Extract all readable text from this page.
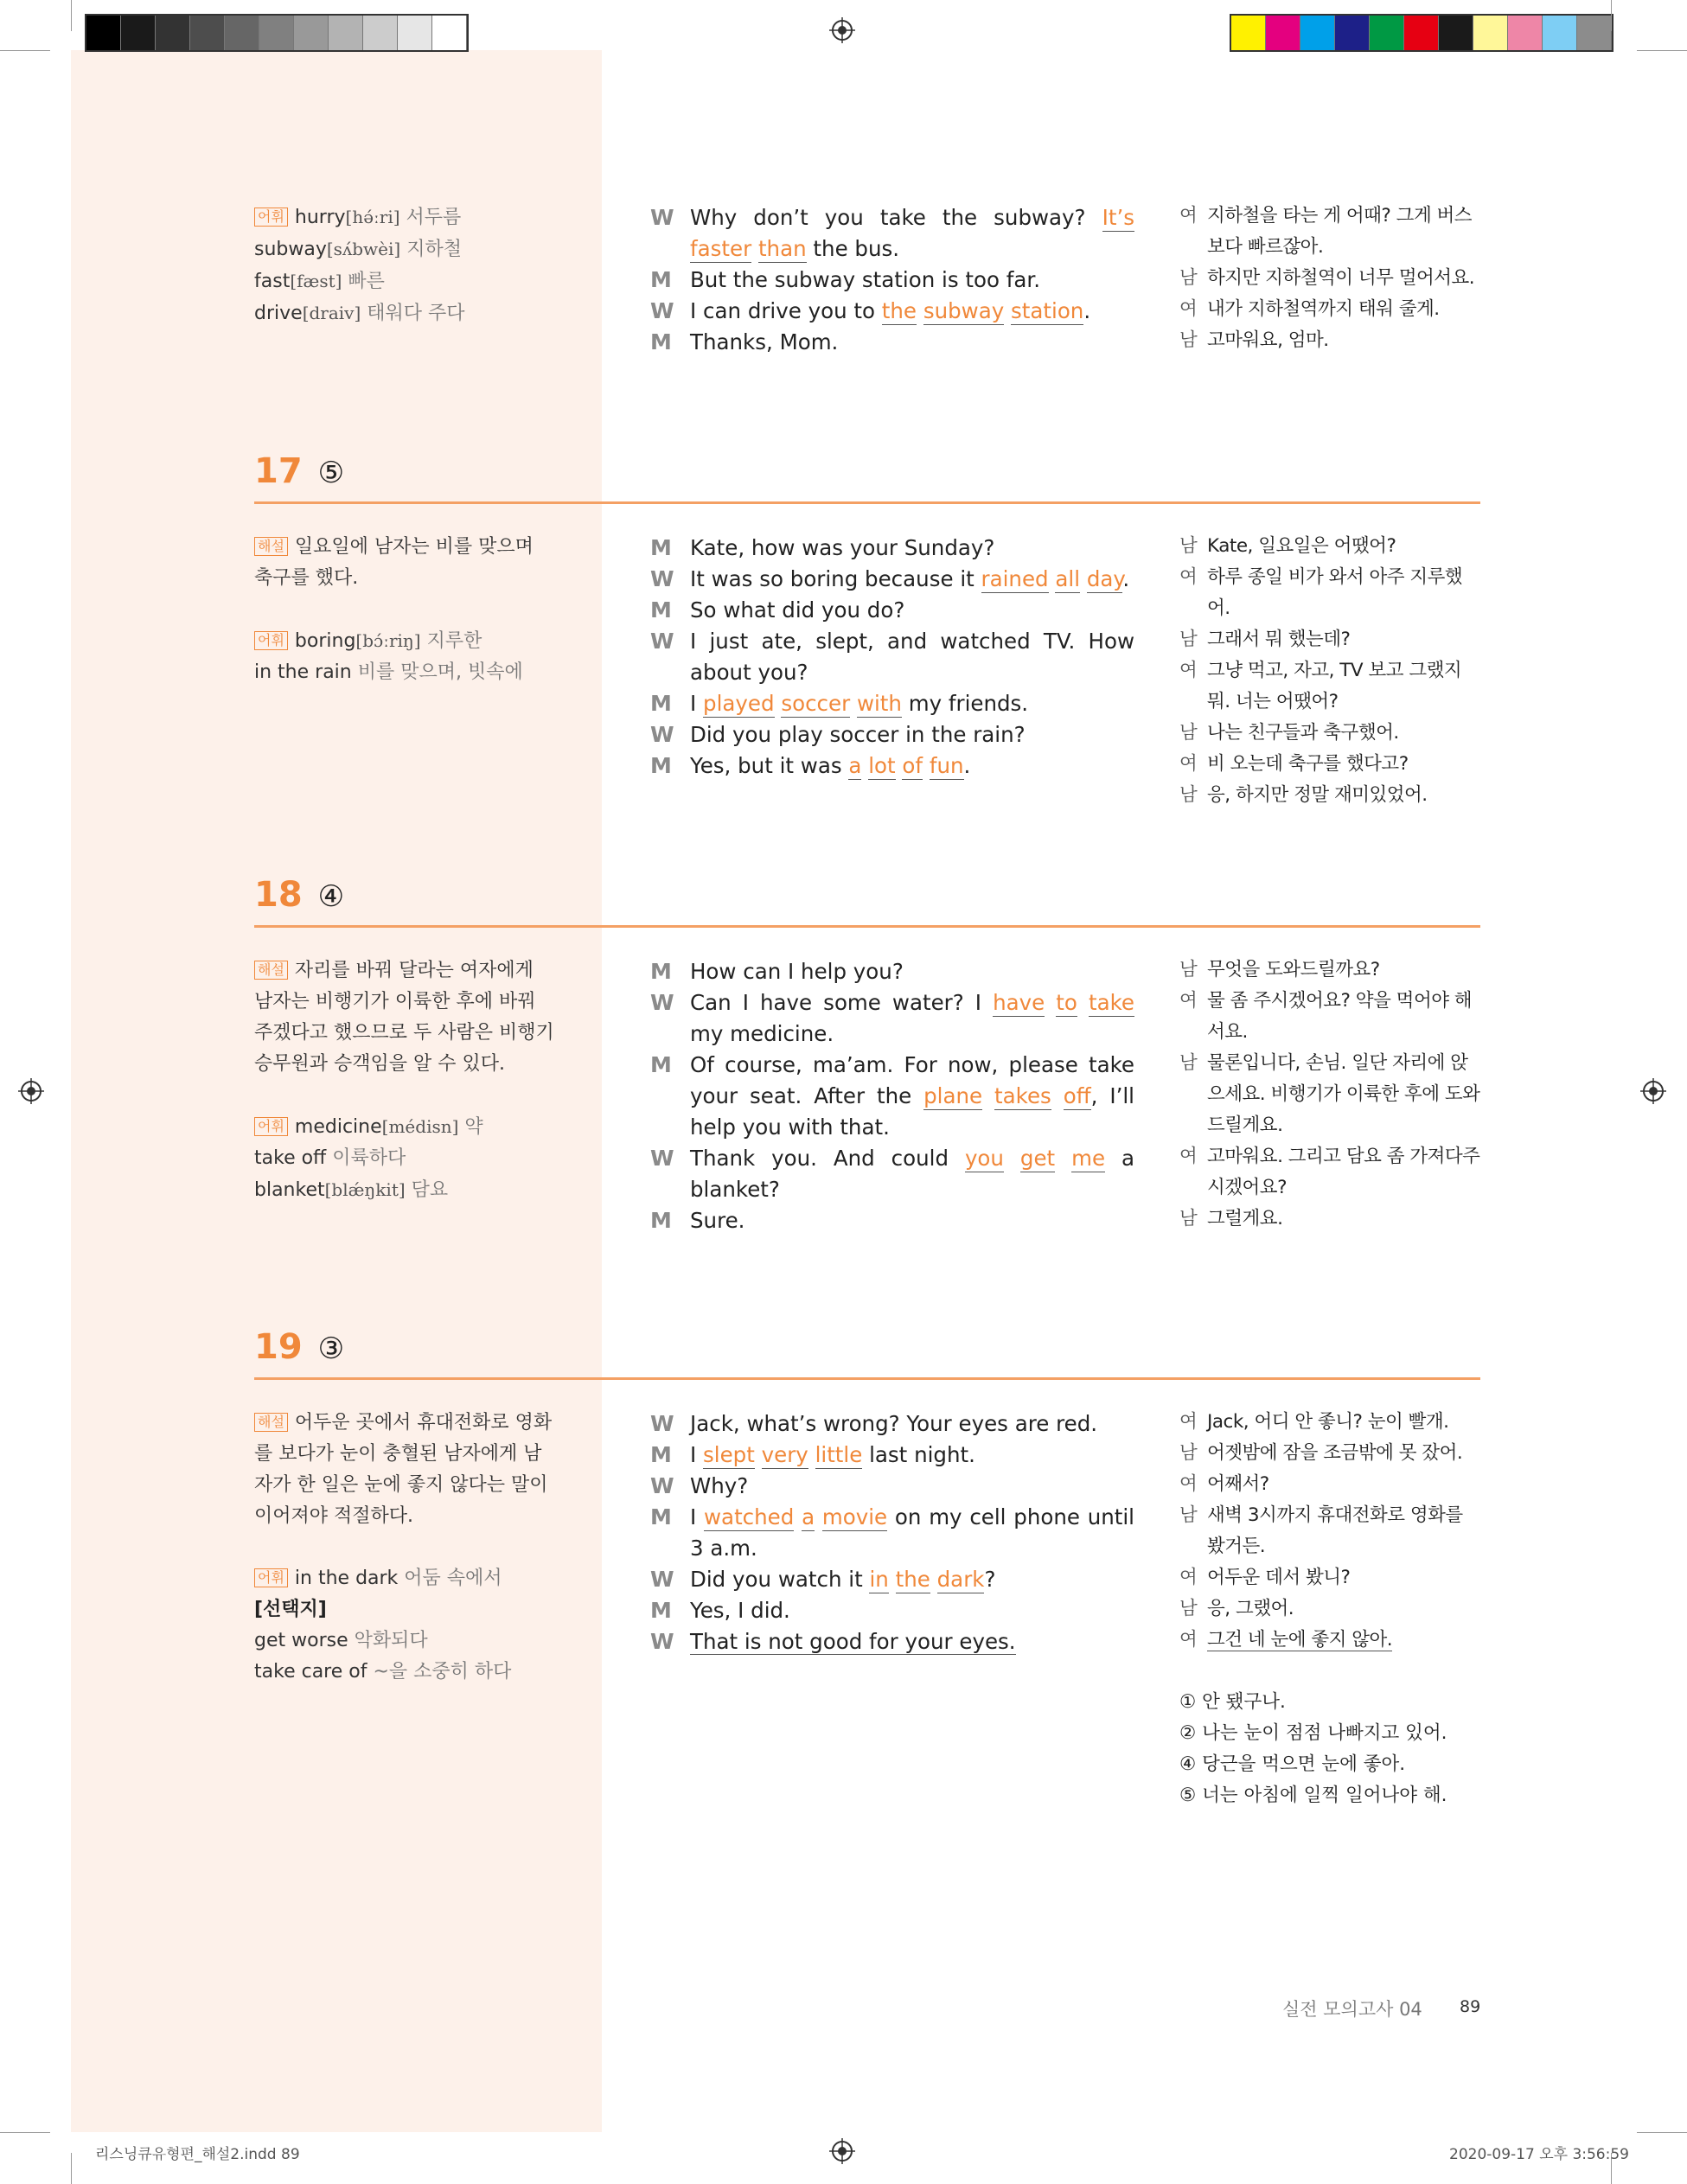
어휘 hurry[hə́ːri] 서두름
subway[sʌ́bwèi] 지하철
fast[fæst] 빠른
drive[draiv] 태워다 주다
W Why don’t you take the subway? It’s faster than the bus.
M But the subway station is too far.
W I can drive you to the subway station.
M Thanks, Mom.
여 지하철을 타는 게 어때? 그게 버스보다 빠르잖아.
남 하지만 지하철역이 너무 멀어서요.
여 내가 지하철역까지 태워 줄게.
남 고마워요, 엄마.
17 ⑤
해설 일요일에 남자는 비를 맞으며 축구를 했다.
어휘 boring[bɔ́ːriŋ] 지루한
in the rain 비를 맞으며, 빗속에
M Kate, how was your Sunday?
W It was so boring because it rained all day.
M So what did you do?
W I just ate, slept, and watched TV. How about you?
M I played soccer with my friends.
W Did you play soccer in the rain?
M Yes, but it was a lot of fun.
남 Kate, 일요일은 어땠어?
여 하루 종일 비가 와서 아주 지루했어.
남 그래서 뭐 했는데?
여 그냥 먹고, 자고, TV 보고 그랬지 뭐. 너는 어땠어?
남 나는 친구들과 축구했어.
여 비 오는데 축구를 했다고?
남 응, 하지만 정말 재미있었어.
18 ④
해설 자리를 바꿔 달라는 여자에게 남자는 비행기가 이륙한 후에 바꿔 주겠다고 했으므로 두 사람은 비행기 승무원과 승객임을 알 수 있다.
어휘 medicine[médisn] 약
take off 이륙하다
blanket[blǽŋkit] 담요
M How can I help you?
W Can I have some water? I have to take my medicine.
M Of course, ma’am. For now, please take your seat. After the plane takes off, I’ll help you with that.
W Thank you. And could you get me a blanket?
M Sure.
남 무엇을 도와드릴까요?
여 물 좀 주시겠어요? 약을 먹어야 해서요.
남 물론입니다, 손님. 일단 자리에 앉으세요. 비행기가 이륙한 후에 도와드릴게요.
여 고마워요. 그리고 담요 좀 가져다주시겠어요?
남 그럴게요.
19 ③
해설 어두운 곳에서 휴대전화로 영화를 보다가 눈이 충혈된 남자에게 남자가 한 일은 눈에 좋지 않다는 말이 이어져야 적절하다.
어휘 in the dark 어둠 속에서
[선택지]
get worse 악화되다
take care of ~을 소중히 하다
W Jack, what’s wrong? Your eyes are red.
M I slept very little last night.
W Why?
M I watched a movie on my cell phone until 3 a.m.
W Did you watch it in the dark?
M Yes, I did.
W That is not good for your eyes.
여 Jack, 어디 안 좋니? 눈이 빨개.
남 어젯밤에 잠을 조금밖에 못 잤어.
여 어째서?
남 새벽 3시까지 휴대전화로 영화를 봤거든.
여 어두운 데서 봤니?
남 응, 그랬어.
여 그건 네 눈에 좋지 않아.
① 안 됐구나.
② 나는 눈이 점점 나빠지고 있어.
④ 당근을 먹으면 눈에 좋아.
⑤ 너는 아침에 일찍 일어나야 해.
실전 모의고사 04 89
리스닝큐유형편_해설2.indd 89	2020-09-17 오후 3:56:59
